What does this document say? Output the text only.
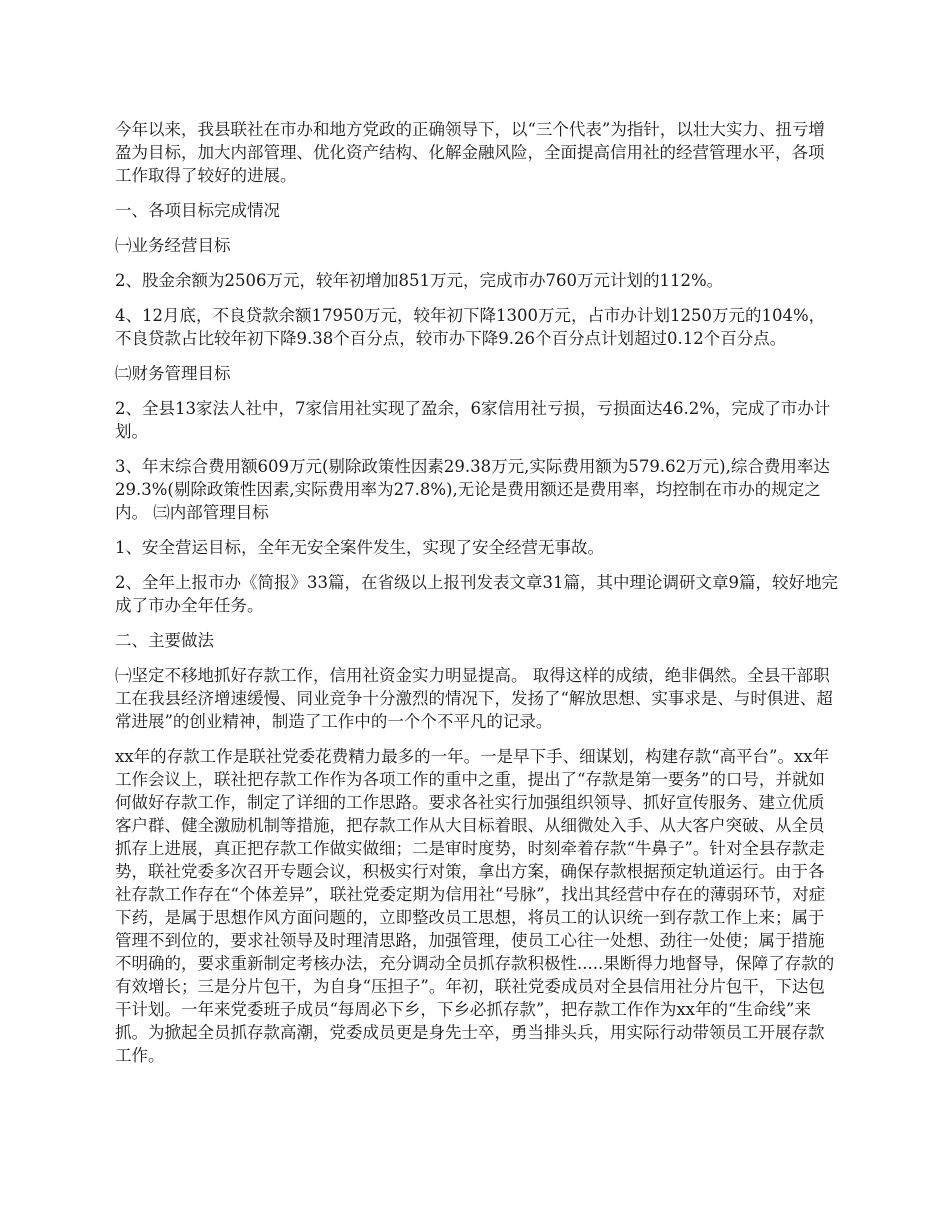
今年以来，我县联社在市办和地方党政的正确领导下，以“三个代表”为指针，以壮大实力、扭亏增盈为目标，加大内部管理、优化资产结构、化解金融风险，全面提高信用社的经营管理水平，各项工作取得了较好的进展。

一、各项目标完成情况

㈠业务经营目标

2、股金余额为2506万元，较年初增加851万元，完成市办760万元计划的112%。

4、12月底，不良贷款余额17950万元，较年初下降1300万元，占市办计划1250万元的104%，不良贷款占比较年初下降9.38个百分点，较市办下降9.26个百分点计划超过0.12个百分点。

㈡财务管理目标

2、全县13家法人社中，7家信用社实现了盈余，6家信用社亏损，亏损面达46.2%，完成了市办计划。

3、年末综合费用额609万元(剔除政策性因素29.38万元,实际费用额为579.62万元),综合费用率达29.3%(剔除政策性因素,实际费用率为27.8%),无论是费用额还是费用率，均控制在市办的规定之内。 ㈢内部管理目标

1、安全营运目标，全年无安全案件发生，实现了安全经营无事故。

2、全年上报市办《简报》33篇，在省级以上报刊发表文章31篇，其中理论调研文章9篇，较好地完成了市办全年任务。

二、主要做法

㈠坚定不移地抓好存款工作，信用社资金实力明显提高。 取得这样的成绩，绝非偶然。全县干部职工在我县经济增速缓慢、同业竞争十分激烈的情况下，发扬了“解放思想、实事求是、与时俱进、超常进展”的创业精神，制造了工作中的一个个不平凡的记录。

xx年的存款工作是联社党委花费精力最多的一年。一是早下手、细谋划，构建存款“高平台”。xx年工作会议上，联社把存款工作作为各项工作的重中之重，提出了“存款是第一要务”的口号，并就如何做好存款工作，制定了详细的工作思路。要求各社实行加强组织领导、抓好宣传服务、建立优质客户群、健全激励机制等措施，把存款工作从大目标着眼、从细微处入手、从大客户突破、从全员抓存上进展，真正把存款工作做实做细；二是审时度势，时刻牵着存款“牛鼻子”。针对全县存款走势，联社党委多次召开专题会议，积极实行对策，拿出方案，确保存款根据预定轨道运行。由于各社存款工作存在“个体差异”，联社党委定期为信用社“号脉”，找出其经营中存在的薄弱环节，对症下药，是属于思想作风方面问题的，立即整改员工思想，将员工的认识统一到存款工作上来；属于管理不到位的，要求社领导及时理清思路，加强管理，使员工心往一处想、劲往一处使；属于措施不明确的，要求重新制定考核办法，充分调动全员抓存款积极性.....果断得力地督导，保障了存款的有效增长；三是分片包干，为自身“压担子”。年初，联社党委成员对全县信用社分片包干，下达包干计划。一年来党委班子成员“每周必下乡，下乡必抓存款”，把存款工作作为xx年的“生命线”来抓。为掀起全员抓存款高潮，党委成员更是身先士卒，勇当排头兵，用实际行动带领员工开展存款工作。
